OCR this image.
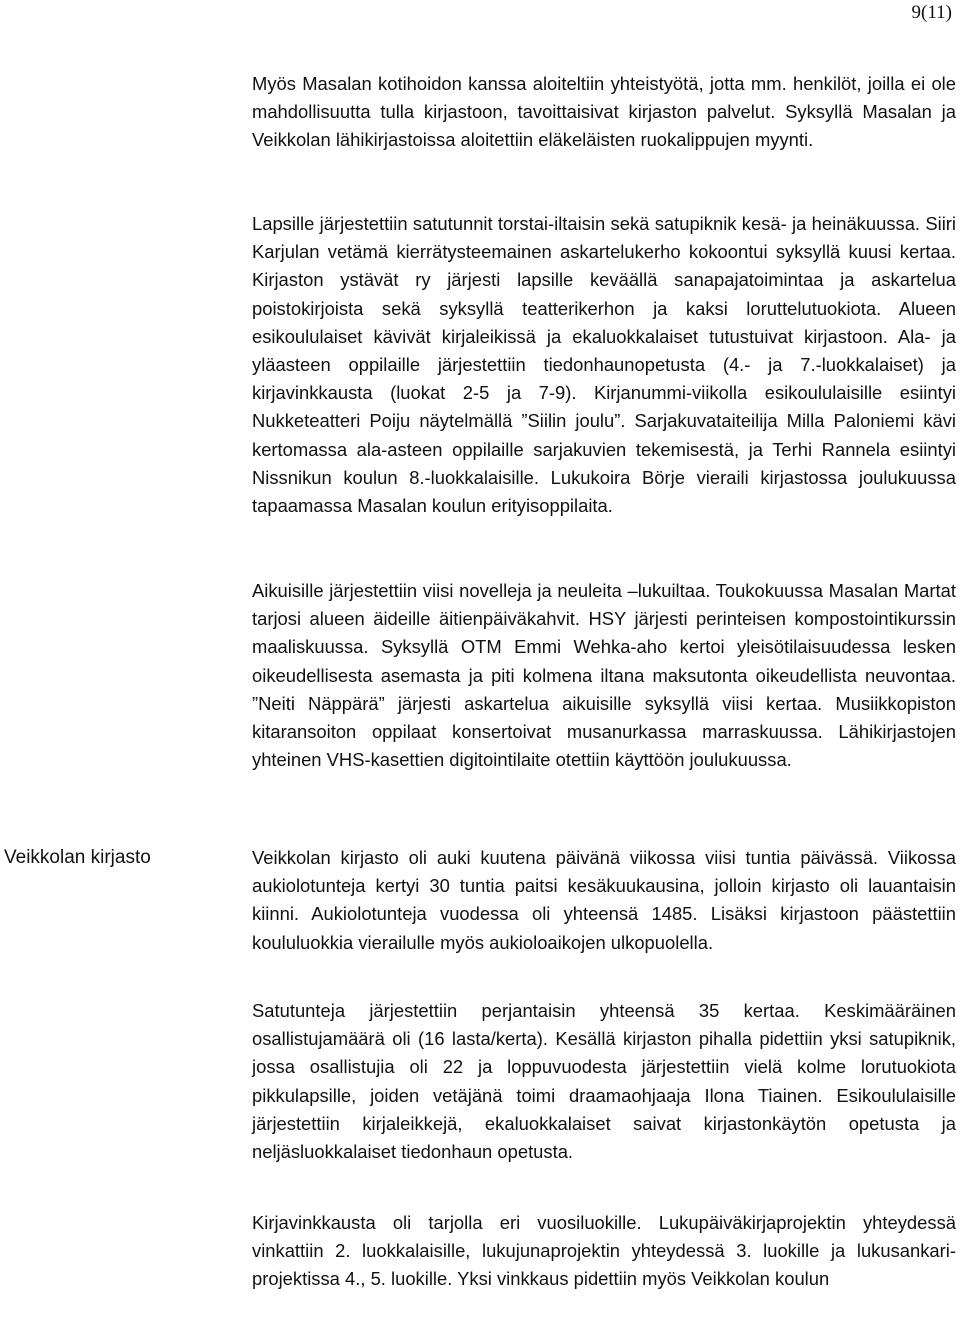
9(11)
Veikkolan kirjasto

Myös Masalan kotihoidon kanssa aloiteltiin yhteistyötä, jotta mm. henkilöt, joilla ei ole mahdollisuutta tulla kirjastoon, tavoittaisivat kirjaston palvelut. Syksyllä Masalan ja Veikkolan lähikirjastoissa aloitettiin eläkeläisten ruokalippujen myynti.

Lapsille järjestettiin satutunnit torstai-iltaisin sekä satupiknik kesä- ja heinäkuussa. Siiri Karjulan vetämä kierrätysteemainen askartelukerho kokoontui syksyllä kuusi kertaa. Kirjaston ystävät ry järjesti lapsille keväällä sanapajatoimintaa ja askartelua poistokirjoista sekä syksyllä teatterikerhon ja kaksi loruttelutuokiota. Alueen esikoululaiset kävivät kirjaleikissä ja ekaluokkalaiset tutustuivat kirjastoon. Ala- ja yläasteen oppilaille järjestettiin tiedonhaunopetusta (4.- ja 7.-luokkalaiset) ja kirjavinkkausta (luokat 2-5 ja 7-9). Kirjanummi-viikolla esikoululaisille esiintyi Nukketeatteri Poiju näytelmällä ”Siilin joulu”. Sarjakuvataiteilija Milla Paloniemi kävi kertomassa ala-asteen oppilaille sarjakuvien tekemisestä, ja Terhi Rannela esiintyi Nissnikun koulun 8.-luokkalaisille. Lukukoira Börje vieraili kirjastossa joulukuussa tapaamassa Masalan koulun erityisoppilaita.

Aikuisille järjestettiin viisi novelleja ja neuleita –lukuiltaa. Toukokuussa Masalan Martat tarjosi alueen äideille äitienpäiväkahvit. HSY järjesti perinteisen kompostointikurssin maaliskuussa. Syksyllä OTM Emmi Wehka-aho kertoi yleisötilaisuudessa lesken oikeudellisesta asemasta ja piti kolmena iltana maksutonta oikeudellista neuvontaa. ”Neiti Näppärä” järjesti askartelua aikuisille syksyllä viisi kertaa. Musiikkopiston kitaransoiton oppilaat konsertoivat musanurkassa marraskuussa. Lähikirjastojen yhteinen VHS-kasettien digitointilaite otettiin käyttöön joulukuussa.

Veikkolan kirjasto oli auki kuutena päivänä viikossa viisi tuntia päivässä. Viikossa aukiolotunteja kertyi 30 tuntia paitsi kesäkuukausina, jolloin kirjasto oli lauantaisin kiinni. Aukiolotunteja vuodessa oli yhteensä 1485. Lisäksi kirjastoon päästettiin koululuokkia vierailulle myös aukioloaikojen ulkopuolella.

Satutunteja järjestettiin perjantaisin yhteensä 35 kertaa. Keskimääräinen osallistujamäärä oli (16 lasta/kerta). Kesällä kirjaston pihalla pidettiin yksi satupiknik, jossa osallistujia oli 22 ja loppuvuodesta järjestettiin vielä kolme lorutuokiota pikkulapsille, joiden vetäjänä toimi draamaohjaaja Ilona Tiainen. Esikoululaisille järjestettiin kirjaleikkejä, ekaluokkalaiset saivat kirjastonkäytön opetusta ja neljäsluokkalaiset tiedonhaun opetusta.

Kirjavinkkausta oli tarjolla eri vuosiluokille. Lukupäiväkirjaprojektin yhteydessä vinkattiin 2. luokkalaisille, lukujunaprojektin yhteydessä 3. luokille ja lukusankari-projektissa 4., 5. luokille. Yksi vinkkaus pidettiin myös Veikkolan koulun
